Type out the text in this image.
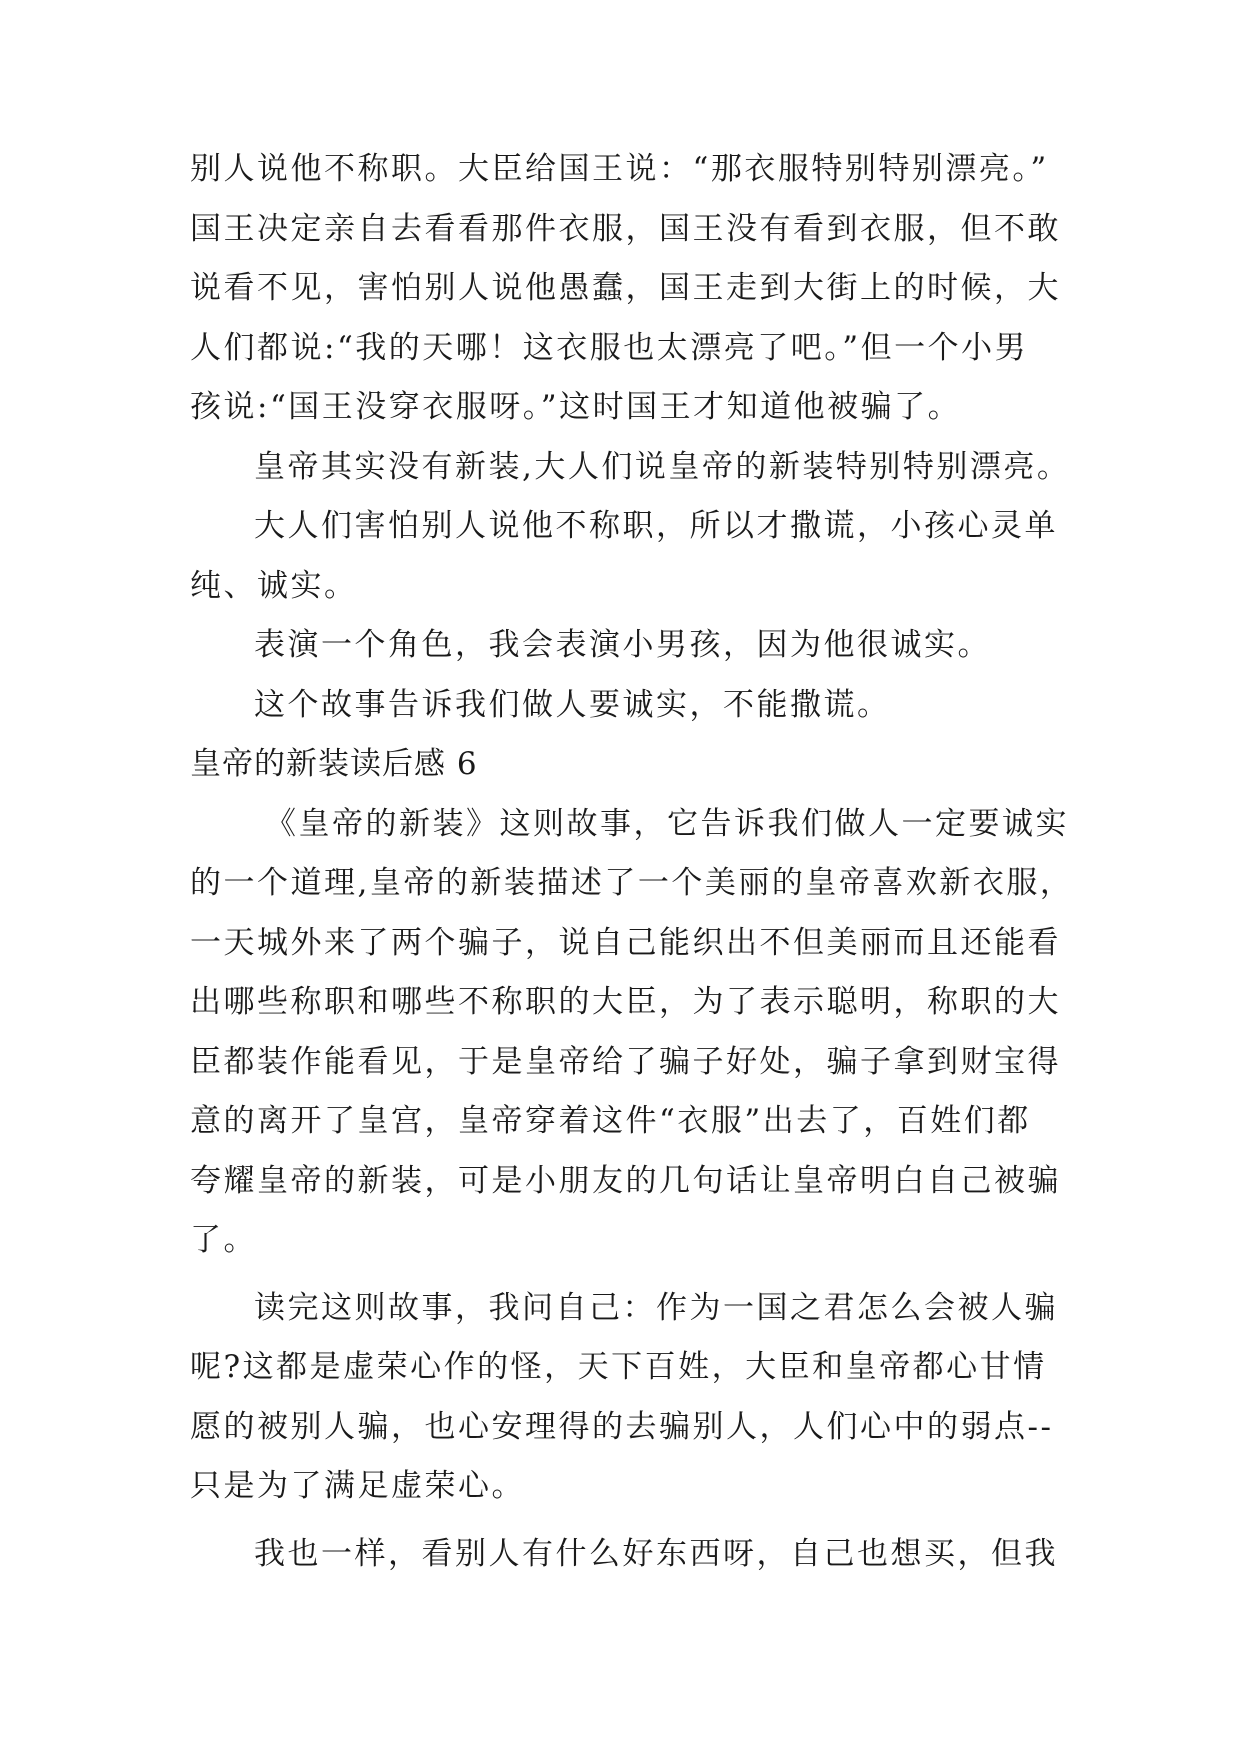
别人说他不称职。大臣给国王说：“那衣服特别特别漂亮。”
国王决定亲自去看看那件衣服，国王没有看到衣服，但不敢
说看不见，害怕别人说他愚蠢，国王走到大街上的时候，大
人们都说:“我的天哪！这衣服也太漂亮了吧。”但一个小男
孩说:“国王没穿衣服呀。”这时国王才知道他被骗了。
皇帝其实没有新装,大人们说皇帝的新装特别特别漂亮。
大人们害怕别人说他不称职，所以才撒谎，小孩心灵单
纯、诚实。
表演一个角色，我会表演小男孩，因为他很诚实。
这个故事告诉我们做人要诚实，不能撒谎。
皇帝的新装读后感 6
《皇帝的新装》这则故事，它告诉我们做人一定要诚实
的一个道理,皇帝的新装描述了一个美丽的皇帝喜欢新衣服，
一天城外来了两个骗子，说自己能织出不但美丽而且还能看
出哪些称职和哪些不称职的大臣，为了表示聪明，称职的大
臣都装作能看见，于是皇帝给了骗子好处，骗子拿到财宝得
意的离开了皇宫，皇帝穿着这件“衣服”出去了，百姓们都
夸耀皇帝的新装，可是小朋友的几句话让皇帝明白自己被骗
了。
读完这则故事，我问自己：作为一国之君怎么会被人骗
呢?这都是虚荣心作的怪，天下百姓，大臣和皇帝都心甘情
愿的被别人骗，也心安理得的去骗别人，人们心中的弱点--
只是为了满足虚荣心。
我也一样，看别人有什么好东西呀，自己也想买，但我
